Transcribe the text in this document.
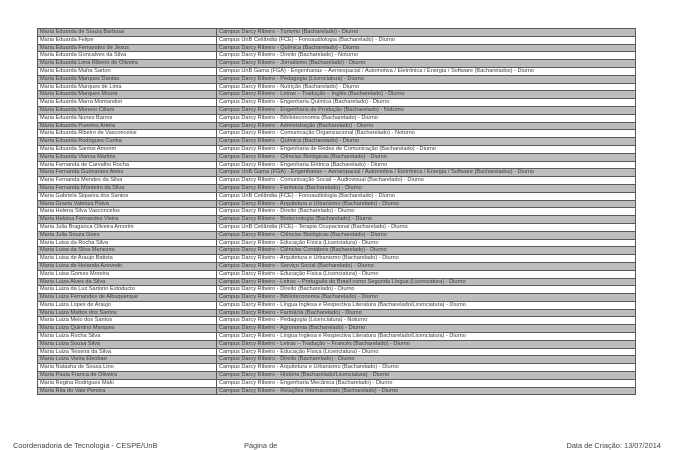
Maria Eduarda de Souza Barbosa	Campus Darcy Ribeiro - Turismo (Bacharelado) - Diurno
Maria Eduarda Felipe	Campus UnB Ceilândia (FCE) - Fonoaudiologia (Bacharelado) - Diurno
Maria Eduarda Fernandes de Jesus	Campus Darcy Ribeiro - Química (Bacharelado) - Diurno
Maria Eduarda Goncalves da Silva	Campus Darcy Ribeiro - Direito (Bacharelado) - Noturno
Maria Eduarda Lima Ribeiro de Oliveira	Campus Darcy Ribeiro - Jornalismo (Bacharelado) - Diurno
Maria Eduarda Mafra Sarton	Campus UnB Gama (FGA) - Engenharias – Aeroespacial / Automotiva / Eletrônica / Energia / Software (Bacharelados) - Diurno
Maria Eduarda Marques Dantas	Campus Darcy Ribeiro - Pedagogia (Licenciatura) - Diurno
Maria Eduarda Marques de Lima	Campus Darcy Ribeiro - Nutrição (Bacharelado) - Diurno
Maria Eduarda Marques Moura	Campus Darcy Ribeiro - Letras – Tradução – Inglês (Bacharelado) - Diurno
Maria Eduarda Marra Montandon	Campus Darcy Ribeiro - Engenharia Química (Bacharelado) - Diurno
Maria Eduarda Moreno Ciliani	Campus Darcy Ribeiro - Engenharia de Produção (Bacharelado) - Noturno
Maria Eduarda Nunes Barros	Campus Darcy Ribeiro - Biblioteconomia (Bacharelado) - Diurno
Maria Eduarda Puentes Arteta	Campus Darcy Ribeiro - Administração (Bacharelado) - Diurno
Maria Eduarda Ribeiro de Vasconcelos	Campus Darcy Ribeiro - Comunicação Organizacional (Bacharelado) - Noturno
Maria Eduarda Rodrigues Cunha	Campus Darcy Ribeiro - Química (Bacharelado) - Diurno
Maria Eduarda Santos Amorim	Campus Darcy Ribeiro - Engenharia de Redes de Comunicação (Bacharelado) - Diurno
Maria Eduarda Vianna Martins	Campus Darcy Ribeiro - Ciências Biológicas (Bacharelado) - Diurno
Maria Fernanda de Carvalho Rocha	Campus Darcy Ribeiro - Engenharia Elétrica (Bacharelado) - Diurno
Maria Fernanda Guimaraes Alves	Campus UnB Gama (FGA) - Engenharias – Aeroespacial / Automotiva / Eletrônica / Energia / Software (Bacharelados) - Diurno
Maria Fernanda Mendes da Silva	Campus Darcy Ribeiro - Comunicação Social – Audiovisual (Bacharelado) - Diurno
Maria Fernanda Monteiro da Silva	Campus Darcy Ribeiro - Farmácia (Bacharelado) - Diurno
Maria Gabriela Siqueira dos Santos	Campus UnB Ceilândia (FCE) - Fonoaudiologia (Bacharelado) - Diurno
Maria Grazia Valenza Paiva	Campus Darcy Ribeiro - Arquitetura e Urbanismo (Bacharelado) - Diurno
Maria Helena Silva Vasconcelos	Campus Darcy Ribeiro - Direito (Bacharelado) - Diurno
Maria Heloisa Fernandes Vieira	Campus Darcy Ribeiro - Biotecnologia (Bacharelado) - Diurno
Maria Julia Braganca Oliveira Amorim	Campus UnB Ceilândia (FCE) - Terapia Ocupacional (Bacharelado) - Diurno
Maria Julia Souza Goes	Campus Darcy Ribeiro - Ciências Biológicas (Bacharelado) - Diurno
Maria Luisa da Rocha Silva	Campus Darcy Ribeiro - Educação Física (Licenciatura) - Diurno
Maria Luisa da Silva Menezes	Campus Darcy Ribeiro - Ciências Contábeis (Bacharelado) - Diurno
Maria Luisa de Araujo Batista	Campus Darcy Ribeiro - Arquitetura e Urbanismo (Bacharelado) - Diurno
Maria Luisa de Holanda Azevedo	Campus Darcy Ribeiro - Serviço Social (Bacharelado) - Diurno
Maria Luisa Gomes Moreira	Campus Darcy Ribeiro - Educação Física (Licenciatura) - Diurno
Maria Luiza Alves da Silva	Campus Darcy Ribeiro - Letras – Português do Brasil como Segunda Língua (Licenciatura) - Diurno
Maria Luiza da Luz Sartorio Estoducto	Campus Darcy Ribeiro - Direito (Bacharelado) - Diurno
Maria Luiza Fernandes de Albuquerque	Campus Darcy Ribeiro - Biblioteconomia (Bacharelado) - Diurno
Maria Luiza Lopes de Araujo	Campus Darcy Ribeiro - Língua Inglesa e Respectiva Literatura (Bacharelado/Licenciatura) - Diurno
Maria Luiza Mattos dos Santos	Campus Darcy Ribeiro - Farmácia (Bacharelado) - Diurno
Maria Luiza Melo dos Santos	Campus Darcy Ribeiro - Pedagogia (Licenciatura) - Noturno
Maria Luiza Quintino Marques	Campus Darcy Ribeiro - Agronomia (Bacharelado) - Diurno
Maria Luiza Rocha Silva	Campus Darcy Ribeiro - Língua Inglesa e Respectiva Literatura (Bacharelado/Licenciatura) - Diurno
Maria Luiza Sousa Silva	Campus Darcy Ribeiro - Letras – Tradução – Francês (Bacharelado) - Diurno
Maria Luiza Teixeira da Silva	Campus Darcy Ribeiro - Educação Física (Licenciatura) - Diurno
Maria Luiza Vieira Eleobao	Campus Darcy Ribeiro - Direito (Bacharelado) - Diurno
Maria Natasha de Sousa Lino	Campus Darcy Ribeiro - Arquitetura e Urbanismo (Bacharelado) - Diurno
Maria Paula Franca de Oliveira	Campus Darcy Ribeiro - História (Bacharelado/Licenciatura) - Diurno
Maria Regina Rodrigues Maki	Campus Darcy Ribeiro - Engenharia Mecânica (Bacharelado) - Diurno
Maria Rita do Vale Pereira	Campus Darcy Ribeiro - Relações Internacionais (Bacharelado) - Diurno
Coordenadoria de Tecnologia - CESPE/UnB	Página de	Data de Criação: 13/07/2014
